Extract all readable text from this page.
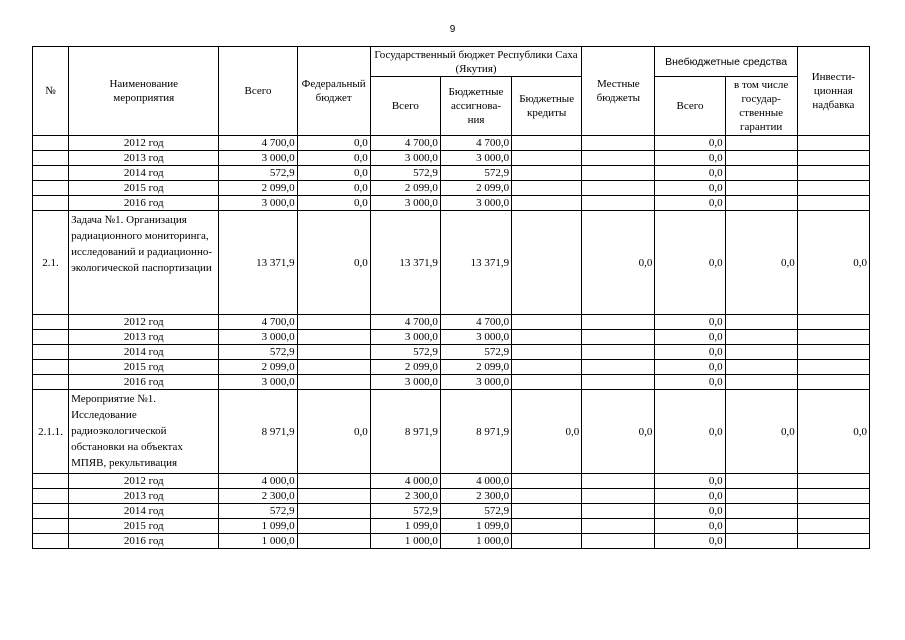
9
№	Наименование мероприятия	Всего	Федеральный бюджет	Государственный бюджет Республики Саха (Якутия)			Местные бюджеты	Внебюджетные средства		Инвести-ционная надбавка
				Всего	Бюджетные ассигнова-ния	Бюджетные кредиты		Всего	в том числе государ-ственные гарантии	
	2012 год	4 700,0	0,0	4 700,0	4 700,0			0,0		
	2013 год	3 000,0	0,0	3 000,0	3 000,0			0,0		
	2014 год	572,9	0,0	572,9	572,9			0,0		
	2015 год	2 099,0	0,0	2 099,0	2 099,0			0,0		
	2016 год	3 000,0	0,0	3 000,0	3 000,0			0,0		
2.1.	Задача №1. Организация радиационного мониторинга, исследований и радиационно-экологической паспортизации	13 371,9	0,0	13 371,9	13 371,9		0,0	0,0	0,0	0,0
	2012 год	4 700,0		4 700,0	4 700,0			0,0		
	2013 год	3 000,0		3 000,0	3 000,0			0,0		
	2014 год	572,9		572,9	572,9			0,0		
	2015 год	2 099,0		2 099,0	2 099,0			0,0		
	2016 год	3 000,0		3 000,0	3 000,0			0,0		
2.1.1.	Мероприятие №1. Исследование радиоэкологической обстановки на объектах МПЯВ, рекультивация	8 971,9	0,0	8 971,9	8 971,9	0,0	0,0	0,0	0,0	0,0
	2012 год	4 000,0		4 000,0	4 000,0			0,0		
	2013 год	2 300,0		2 300,0	2 300,0			0,0		
	2014 год	572,9		572,9	572,9			0,0		
	2015 год	1 099,0		1 099,0	1 099,0			0,0		
	2016 год	1 000,0		1 000,0	1 000,0			0,0		
